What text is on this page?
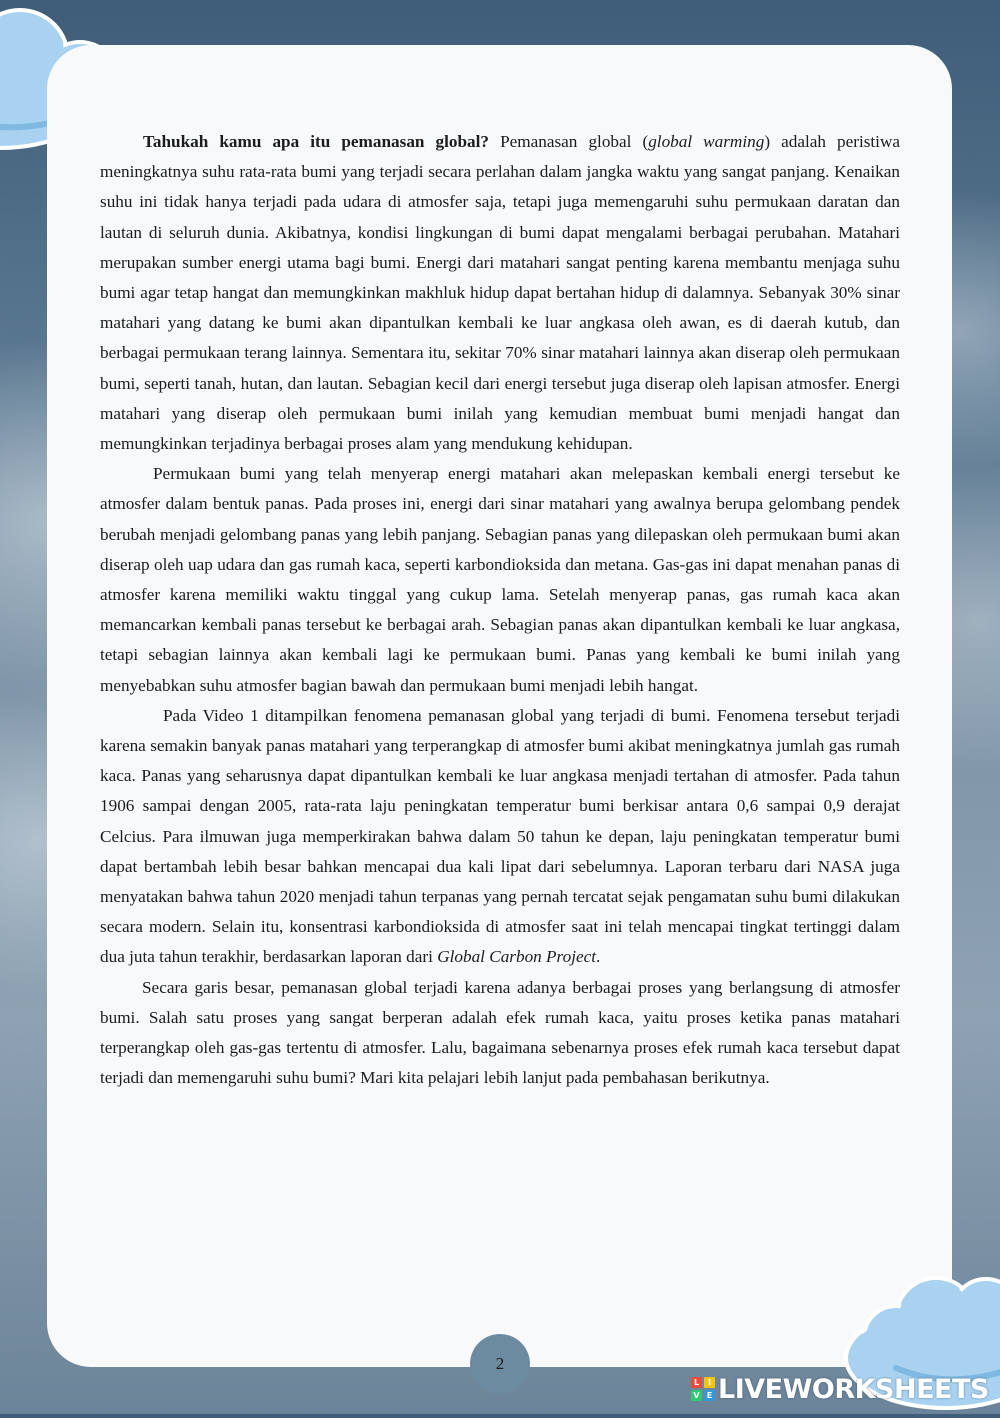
Tahukah kamu apa itu pemanasan global? Pemanasan global (global warming) adalah peristiwa meningkatnya suhu rata-rata bumi yang terjadi secara perlahan dalam jangka waktu yang sangat panjang. Kenaikan suhu ini tidak hanya terjadi pada udara di atmosfer saja, tetapi juga memengaruhi suhu permukaan daratan dan lautan di seluruh dunia. Akibatnya, kondisi lingkungan di bumi dapat mengalami berbagai perubahan. Matahari merupakan sumber energi utama bagi bumi. Energi dari matahari sangat penting karena membantu menjaga suhu bumi agar tetap hangat dan memungkinkan makhluk hidup dapat bertahan hidup di dalamnya. Sebanyak 30% sinar matahari yang datang ke bumi akan dipantulkan kembali ke luar angkasa oleh awan, es di daerah kutub, dan berbagai permukaan terang lainnya. Sementara itu, sekitar 70% sinar matahari lainnya akan diserap oleh permukaan bumi, seperti tanah, hutan, dan lautan. Sebagian kecil dari energi tersebut juga diserap oleh lapisan atmosfer. Energi matahari yang diserap oleh permukaan bumi inilah yang kemudian membuat bumi menjadi hangat dan memungkinkan terjadinya berbagai proses alam yang mendukung kehidupan.

Permukaan bumi yang telah menyerap energi matahari akan melepaskan kembali energi tersebut ke atmosfer dalam bentuk panas. Pada proses ini, energi dari sinar matahari yang awalnya berupa gelombang pendek berubah menjadi gelombang panas yang lebih panjang. Sebagian panas yang dilepaskan oleh permukaan bumi akan diserap oleh uap udara dan gas rumah kaca, seperti karbondioksida dan metana. Gas-gas ini dapat menahan panas di atmosfer karena memiliki waktu tinggal yang cukup lama. Setelah menyerap panas, gas rumah kaca akan memancarkan kembali panas tersebut ke berbagai arah. Sebagian panas akan dipantulkan kembali ke luar angkasa, tetapi sebagian lainnya akan kembali lagi ke permukaan bumi. Panas yang kembali ke bumi inilah yang menyebabkan suhu atmosfer bagian bawah dan permukaan bumi menjadi lebih hangat.

Pada Video 1 ditampilkan fenomena pemanasan global yang terjadi di bumi. Fenomena tersebut terjadi karena semakin banyak panas matahari yang terperangkap di atmosfer bumi akibat meningkatnya jumlah gas rumah kaca. Panas yang seharusnya dapat dipantulkan kembali ke luar angkasa menjadi tertahan di atmosfer. Pada tahun 1906 sampai dengan 2005, rata-rata laju peningkatan temperatur bumi berkisar antara 0,6 sampai 0,9 derajat Celcius. Para ilmuwan juga memperkirakan bahwa dalam 50 tahun ke depan, laju peningkatan temperatur bumi dapat bertambah lebih besar bahkan mencapai dua kali lipat dari sebelumnya. Laporan terbaru dari NASA juga menyatakan bahwa tahun 2020 menjadi tahun terpanas yang pernah tercatat sejak pengamatan suhu bumi dilakukan secara modern. Selain itu, konsentrasi karbondioksida di atmosfer saat ini telah mencapai tingkat tertinggi dalam dua juta tahun terakhir, berdasarkan laporan dari Global Carbon Project.

Secara garis besar, pemanasan global terjadi karena adanya berbagai proses yang berlangsung di atmosfer bumi. Salah satu proses yang sangat berperan adalah efek rumah kaca, yaitu proses ketika panas matahari terperangkap oleh gas-gas tertentu di atmosfer. Lalu, bagaimana sebenarnya proses efek rumah kaca tersebut dapat terjadi dan memengaruhi suhu bumi? Mari kita pelajari lebih lanjut pada pembahasan berikutnya.

2
L	I
V E LIVEWORKSHEETS
